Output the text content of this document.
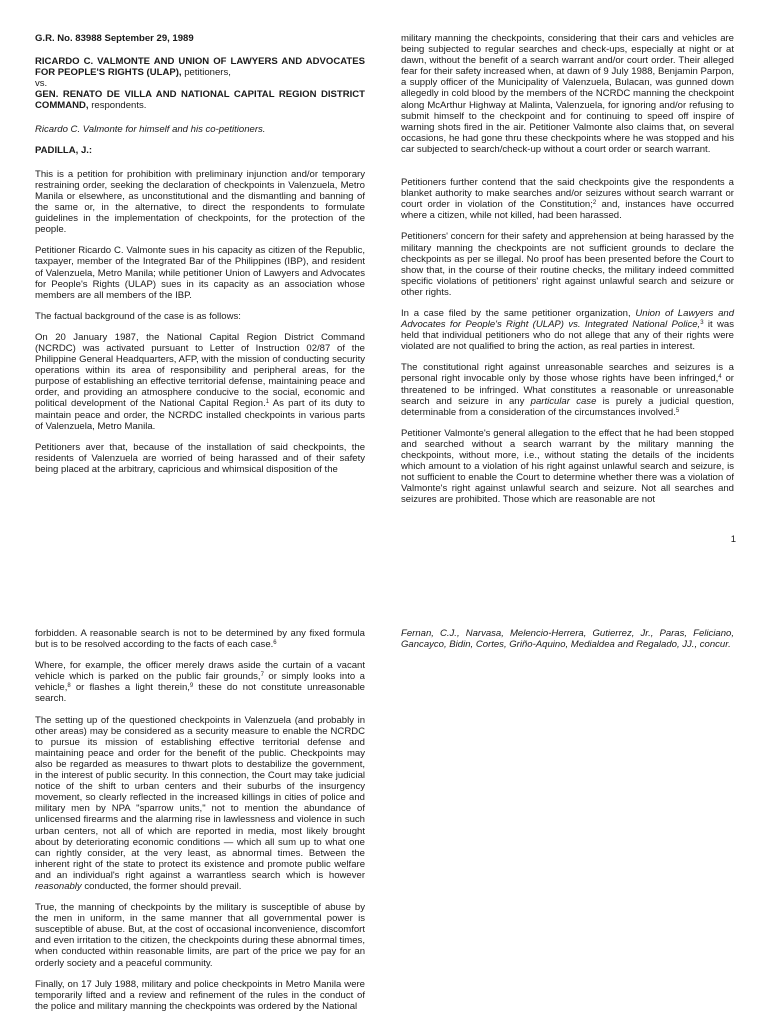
G.R. No. 83988 September 29, 1989

RICARDO C. VALMONTE AND UNION OF LAWYERS AND ADVOCATES FOR PEOPLE'S RIGHTS (ULAP), petitioners,
vs.
GEN. RENATO DE VILLA AND NATIONAL CAPITAL REGION DISTRICT COMMAND, respondents.

Ricardo C. Valmonte for himself and his co-petitioners.

PADILLA, J.:

This is a petition for prohibition with preliminary injunction and/or temporary restraining order, seeking the declaration of checkpoints in Valenzuela, Metro Manila or elsewhere, as unconstitutional and the dismantling and banning of the same or, in the alternative, to direct the respondents to formulate guidelines in the implementation of checkpoints, for the protection of the people.

Petitioner Ricardo C. Valmonte sues in his capacity as citizen of the Republic, taxpayer, member of the Integrated Bar of the Philippines (IBP), and resident of Valenzuela, Metro Manila; while petitioner Union of Lawyers and Advocates for People's Rights (ULAP) sues in its capacity as an association whose members are all members of the IBP.

The factual background of the case is as follows:

On 20 January 1987, the National Capital Region District Command (NCRDC) was activated pursuant to Letter of Instruction 02/87 of the Philippine General Headquarters, AFP, with the mission of conducting security operations within its area of responsibility and peripheral areas, for the purpose of establishing an effective territorial defense, maintaining peace and order, and providing an atmosphere conducive to the social, economic and political development of the National Capital Region.$^1$ As part of its duty to maintain peace and order, the NCRDC installed checkpoints in various parts of Valenzuela, Metro Manila.

Petitioners aver that, because of the installation of said checkpoints, the residents of Valenzuela are worried of being harassed and of their safety being placed at the arbitrary, capricious and whimsical disposition of the

military manning the checkpoints, considering that their cars and vehicles are being subjected to regular searches and check-ups, especially at night or at dawn, without the benefit of a search warrant and/or court order. Their alleged fear for their safety increased when, at dawn of 9 July 1988, Benjamin Parpon, a supply officer of the Municipality of Valenzuela, Bulacan, was gunned down allegedly in cold blood by the members of the NCRDC manning the checkpoint along McArthur Highway at Malinta, Valenzuela, for ignoring and/or refusing to submit himself to the checkpoint and for continuing to speed off inspire of warning shots fired in the air. Petitioner Valmonte also claims that, on several occasions, he had gone thru these checkpoints where he was stopped and his car subjected to search/check-up without a court order or search warrant.

Petitioners further contend that the said checkpoints give the respondents a blanket authority to make searches and/or seizures without search warrant or court order in violation of the Constitution;$^2$ and, instances have occurred where a citizen, while not killed, had been harassed.

Petitioners' concern for their safety and apprehension at being harassed by the military manning the checkpoints are not sufficient grounds to declare the checkpoints as per se illegal. No proof has been presented before the Court to show that, in the course of their routine checks, the military indeed committed specific violations of petitioners' right against unlawful search and seizure or other rights.

In a case filed by the same petitioner organization, Union of Lawyers and Advocates for People's Right (ULAP) vs. Integrated National Police,$^3$ it was held that individual petitioners who do not allege that any of their rights were violated are not qualified to bring the action, as real parties in interest.

The constitutional right against unreasonable searches and seizures is a personal right invocable only by those whose rights have been infringed,$^4$ or threatened to be infringed. What constitutes a reasonable or unreasonable search and seizure in any particular case is purely a judicial question, determinable from a consideration of the circumstances involved.$^5$

Petitioner Valmonte's general allegation to the effect that he had been stopped and searched without a search warrant by the military manning the checkpoints, without more, i.e., without stating the details of the incidents which amount to a violation of his right against unlawful search and seizure, is not sufficient to enable the Court to determine whether there was a violation of Valmonte's right against unlawful search and seizure. Not all searches and seizures are prohibited. Those which are reasonable are not

1

forbidden. A reasonable search is not to be determined by any fixed formula but is to be resolved according to the facts of each case.$^6$

Where, for example, the officer merely draws aside the curtain of a vacant vehicle which is parked on the public fair grounds,$^7$ or simply looks into a vehicle,$^8$ or flashes a light therein,$^9$ these do not constitute unreasonable search.

The setting up of the questioned checkpoints in Valenzuela (and probably in other areas) may be considered as a security measure to enable the NCRDC to pursue its mission of establishing effective territorial defense and maintaining peace and order for the benefit of the public. Checkpoints may also be regarded as measures to thwart plots to destabilize the government, in the interest of public security. In this connection, the Court may take judicial notice of the shift to urban centers and their suburbs of the insurgency movement, so clearly reflected in the increased killings in cities of police and military men by NPA "sparrow units," not to mention the abundance of unlicensed firearms and the alarming rise in lawlessness and violence in such urban centers, not all of which are reported in media, most likely brought about by deteriorating economic conditions — which all sum up to what one can rightly consider, at the very least, as abnormal times. Between the inherent right of the state to protect its existence and promote public welfare and an individual's right against a warrantless search which is however reasonably conducted, the former should prevail.

True, the manning of checkpoints by the military is susceptible of abuse by the men in uniform, in the same manner that all governmental power is susceptible of abuse. But, at the cost of occasional inconvenience, discomfort and even irritation to the citizen, the checkpoints during these abnormal times, when conducted within reasonable limits, are part of the price we pay for an orderly society and a peaceful community.

Finally, on 17 July 1988, military and police checkpoints in Metro Manila were temporarily lifted and a review and refinement of the rules in the conduct of the police and military manning the checkpoints was ordered by the National

Fernan, C.J., Narvasa, Melencio-Herrera, Gutierrez, Jr., Paras, Feliciano, Gancayco, Bidin, Cortes, Griño-Aquino, Medialdea and Regalado, JJ., concur.
